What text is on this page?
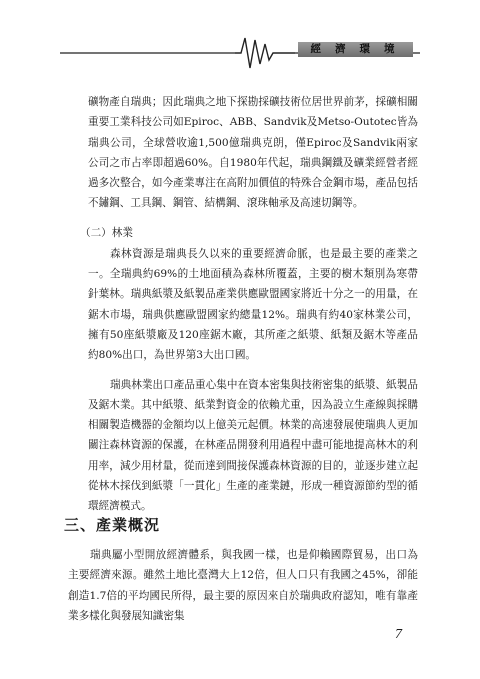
經濟環境

礦物產自瑞典；因此瑞典之地下探勘採礦技術位居世界前茅，採礦相關重要工業科技公司如Epiroc、ABB、Sandvik及Metso-Outotec皆為瑞典公司，全球營收逾1,500億瑞典克朗，僅Epiroc及Sandvik兩家公司之市占率即超過60%。自1980年代起，瑞典鋼鐵及礦業經營者經過多次整合，如今產業專注在高附加價值的特殊合金鋼市場，產品包括不鏽鋼、工具鋼、鋼管、結構鋼、滾珠軸承及高速切鋼等。

（二）林業

森林資源是瑞典長久以來的重要經濟命脈，也是最主要的產業之一。全瑞典約69%的土地面積為森林所覆蓋，主要的樹木類別為寒帶針葉林。瑞典紙漿及紙製品產業供應歐盟國家將近十分之一的用量，在鋸木市場，瑞典供應歐盟國家約總量12%。瑞典有約40家林業公司，擁有50座紙漿廠及120座鋸木廠，其所產之紙漿、紙類及鋸木等產品約80%出口，為世界第3大出口國。

瑞典林業出口產品重心集中在資本密集與技術密集的紙漿、紙製品及鋸木業。其中紙漿、紙業對資金的依賴尤重，因為設立生產線與採購相關製造機器的金額均以上億美元起價。林業的高速發展使瑞典人更加關注森林資源的保護，在林產品開發利用過程中盡可能地提高林木的利用率，減少用材量，從而達到間接保護森林資源的目的，並逐步建立起從林木採伐到紙漿「一貫化」生產的產業鏈，形成一種資源節約型的循環經濟模式。

三、產業概況

瑞典屬小型開放經濟體系，與我國一樣，也是仰賴國際貿易，出口為主要經濟來源。雖然土地比臺灣大上12倍，但人口只有我國之45%，卻能創造1.7倍的平均國民所得，最主要的原因來自於瑞典政府認知，唯有靠產業多樣化與發展知識密集

7
